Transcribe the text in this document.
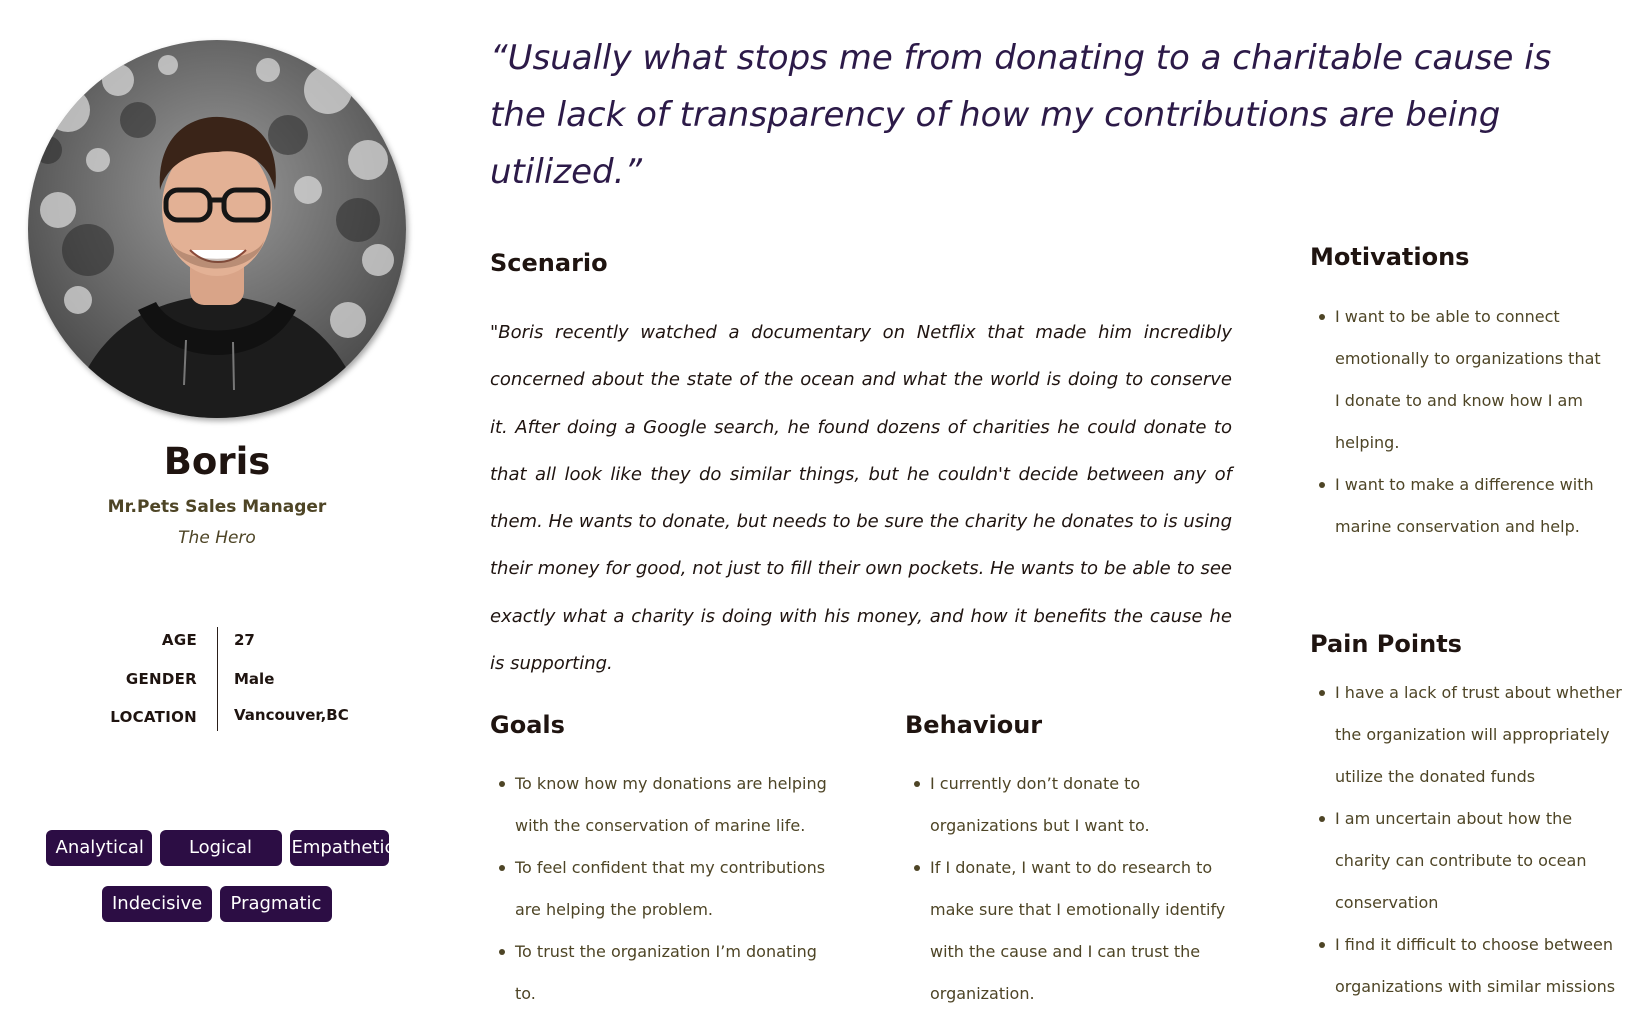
Boris
Mr.Pets Sales Manager
The Hero
AGE 27
GENDER Male
LOCATION Vancouver,BC
Analytical	Logical	Empathetic
Indecisive	Pragmatic
“Usually what stops me from donating to a charitable cause is the lack of transparency of how my contributions are being utilized.”
Scenario
"Boris recently watched a documentary on Netflix that made him incredibly concerned about the state of the ocean and what the world is doing to conserve it. After doing a Google search, he found dozens of charities he could donate to that all look like they do similar things, but he couldn't decide between any of them. He wants to donate, but needs to be sure the charity he donates to is using their money for good, not just to fill their own pockets. He wants to be able to see exactly what a charity is doing with his money, and how it benefits the cause he is supporting.
Motivations
I want to be able to connect emotionally to organizations that I donate to and know how I am helping.
I want to make a difference with marine conservation and help.
Pain Points
I have a lack of trust about whether the organization will appropriately utilize the donated funds
I am uncertain about how the charity can contribute to ocean conservation
I find it difficult to choose between organizations with similar missions
Goals
To know how my donations are helping with the conservation of marine life.
To feel confident that my contributions are helping the problem.
To trust the organization I’m donating to.
Behaviour
I currently don’t donate to organizations but I want to.
If I donate, I want to do research to make sure that I emotionally identify with the cause and I can trust the organization.
